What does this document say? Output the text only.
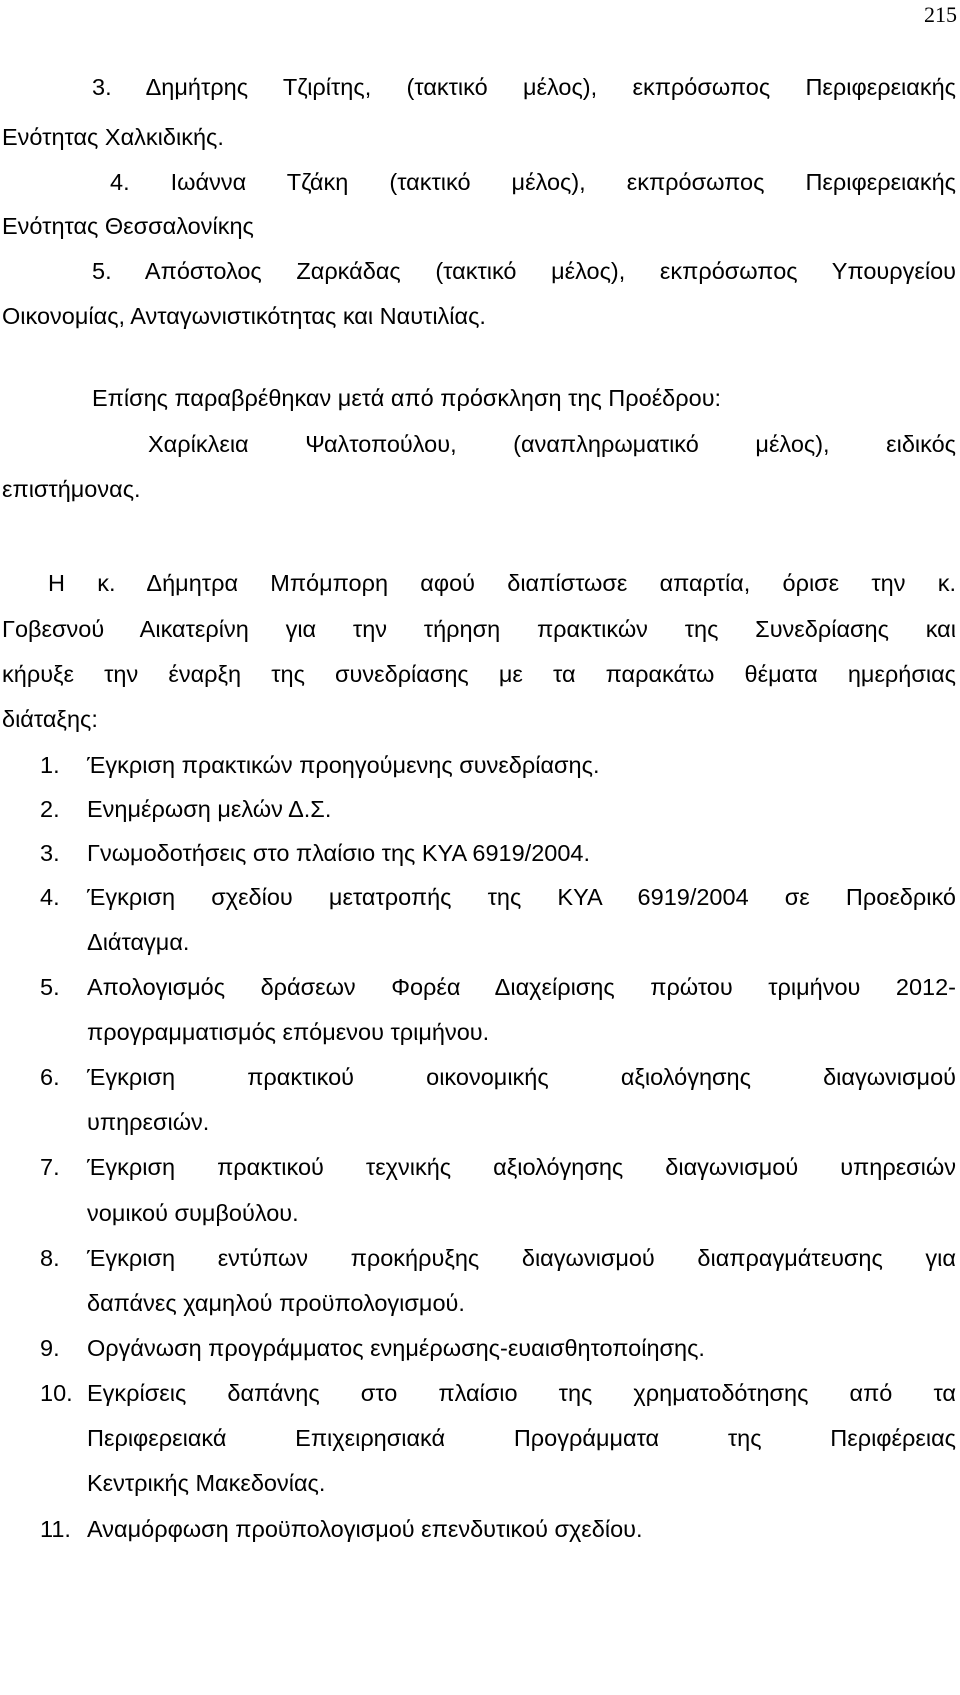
215
3. Δημήτρης Τζιρίτης, (τακτικό μέλος), εκπρόσωπος Περιφερειακής
Ενότητας Χαλκιδικής.
4. Ιωάννα Τζάκη (τακτικό μέλος), εκπρόσωπος Περιφερειακής
Ενότητας Θεσσαλονίκης
5. Απόστολος Ζαρκάδας (τακτικό μέλος), εκπρόσωπος Υπουργείου
Οικονομίας, Ανταγωνιστικότητας και Ναυτιλίας.
Επίσης παραβρέθηκαν μετά από πρόσκληση της Προέδρου:
Χαρίκλεια Ψαλτοπούλου, (αναπληρωματικό μέλος), ειδικός
επιστήμονας.
Η κ. Δήμητρα Μπόμπορη αφού διαπίστωσε απαρτία, όρισε την κ.
Γοβεσνού Αικατερίνη για την τήρηση πρακτικών της Συνεδρίασης και
κήρυξε την έναρξη της συνεδρίασης με τα παρακάτω θέματα ημερήσιας
διάταξης:
1. Έγκριση πρακτικών προηγούμενης συνεδρίασης.
2. Ενημέρωση μελών Δ.Σ.
3. Γνωμοδοτήσεις στο πλαίσιο της ΚΥΑ 6919/2004.
4. Έγκριση σχεδίου μετατροπής της ΚΥΑ 6919/2004 σε Προεδρικό
Διάταγμα.
5. Απολογισμός δράσεων Φορέα Διαχείρισης πρώτου τριμήνου 2012-
προγραμματισμός επόμενου τριμήνου.
6. Έγκριση πρακτικού οικονομικής αξιολόγησης διαγωνισμού
υπηρεσιών.
7. Έγκριση πρακτικού τεχνικής αξιολόγησης διαγωνισμού υπηρεσιών
νομικού συμβούλου.
8. Έγκριση εντύπων προκήρυξης διαγωνισμού διαπραγμάτευσης για
δαπάνες χαμηλού προϋπολογισμού.
9. Οργάνωση προγράμματος ενημέρωσης-ευαισθητοποίησης.
10. Εγκρίσεις δαπάνης στο πλαίσιο της χρηματοδότησης από τα
Περιφερειακά Επιχειρησιακά Προγράμματα της Περιφέρειας
Κεντρικής Μακεδονίας.
11. Αναμόρφωση προϋπολογισμού επενδυτικού σχεδίου.
